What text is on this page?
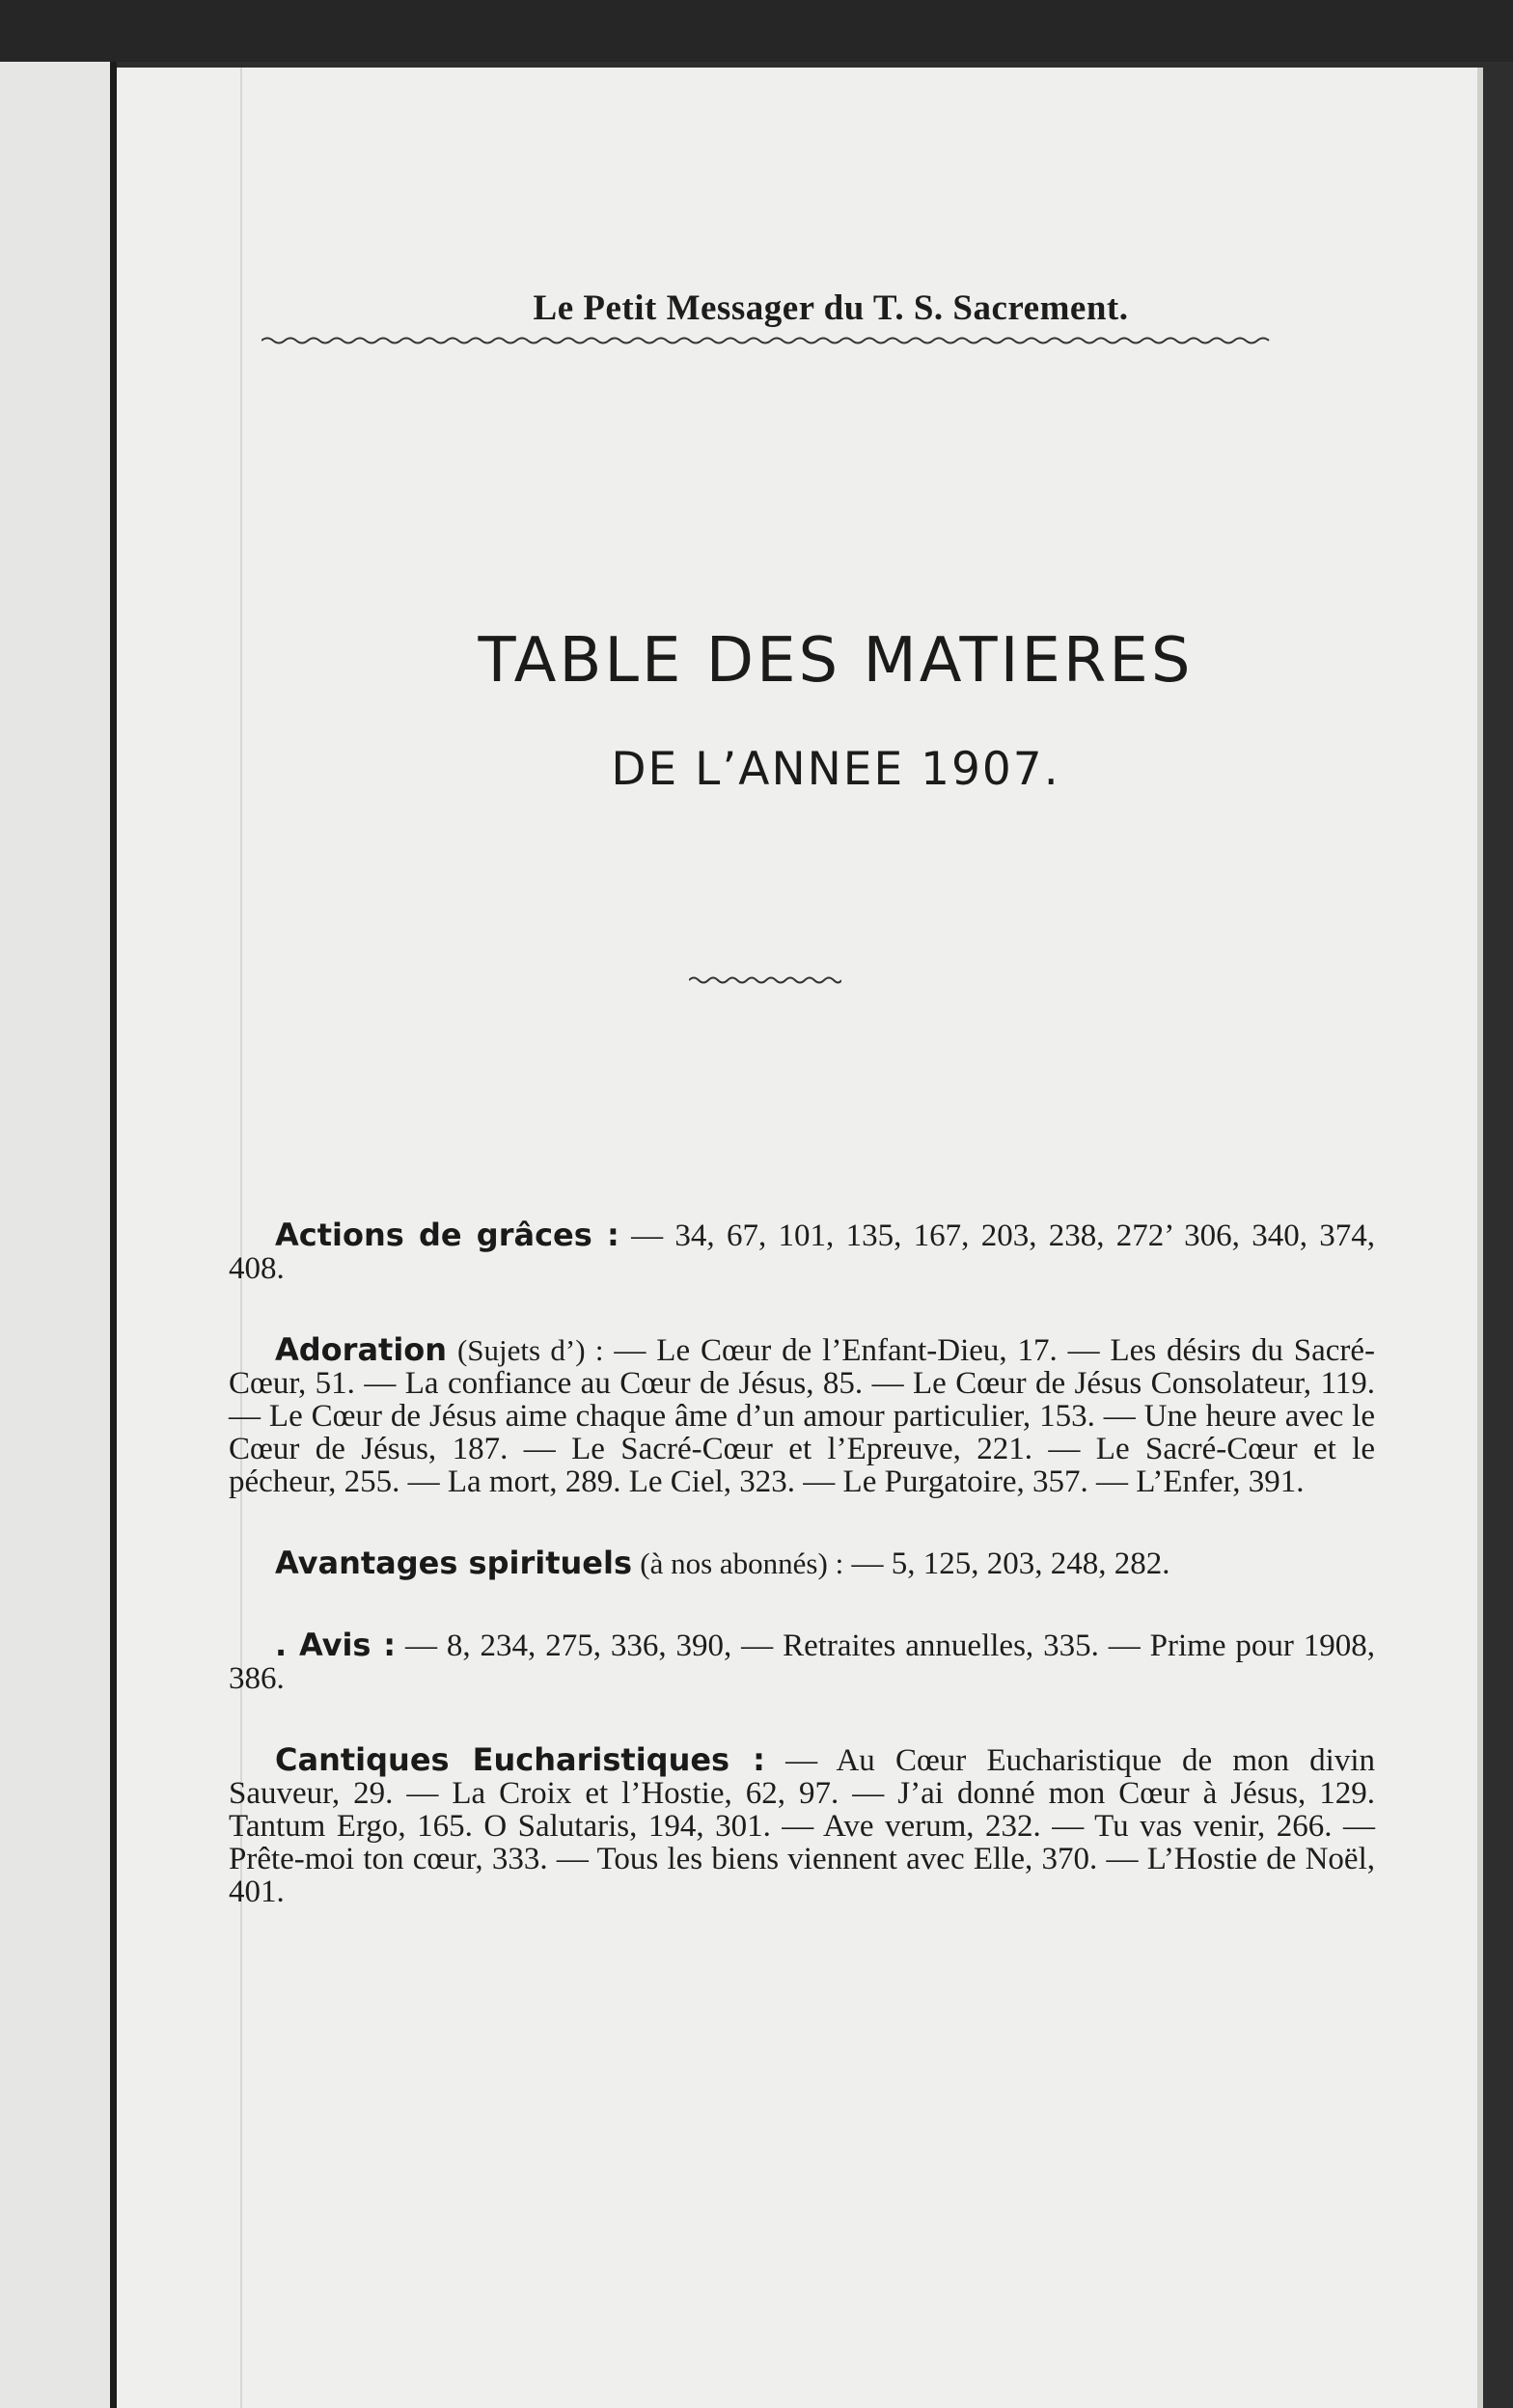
Le Petit Messager du T. S. Sacrement.
TABLE DES MATIERES
DE L’ANNEE 1907.

Actions de grâces : — 34, 67, 101, 135, 167, 203, 238, 272’ 306, 340, 374, 408.

Adoration (Sujets d’) : — Le Cœur de l’Enfant-Dieu, 17. — Les désirs du Sacré-Cœur, 51. — La confiance au Cœur de Jésus, 85. — Le Cœur de Jésus Consolateur, 119. — Le Cœur de Jésus aime chaque âme d’un amour particulier, 153. — Une heure avec le Cœur de Jésus, 187. — Le Sacré-Cœur et l’Epreuve, 221. — Le Sacré-Cœur et le pécheur, 255. — La mort, 289. Le Ciel, 323. — Le Purgatoire, 357. — L’Enfer, 391.

Avantages spirituels (à nos abonnés) : — 5, 125, 203, 248, 282.

. Avis : — 8, 234, 275, 336, 390, — Retraites annuelles, 335. — Prime pour 1908, 386.

Cantiques Eucharistiques : — Au Cœur Eucharistique de mon divin Sauveur, 29. — La Croix et l’Hostie, 62, 97. — J’ai donné mon Cœur à Jésus, 129. Tantum Ergo, 165. O Salutaris, 194, 301. — Ave verum, 232. — Tu vas venir, 266. — Prête-moi ton cœur, 333. — Tous les biens viennent avec Elle, 370. — L’Hostie de Noël, 401.
